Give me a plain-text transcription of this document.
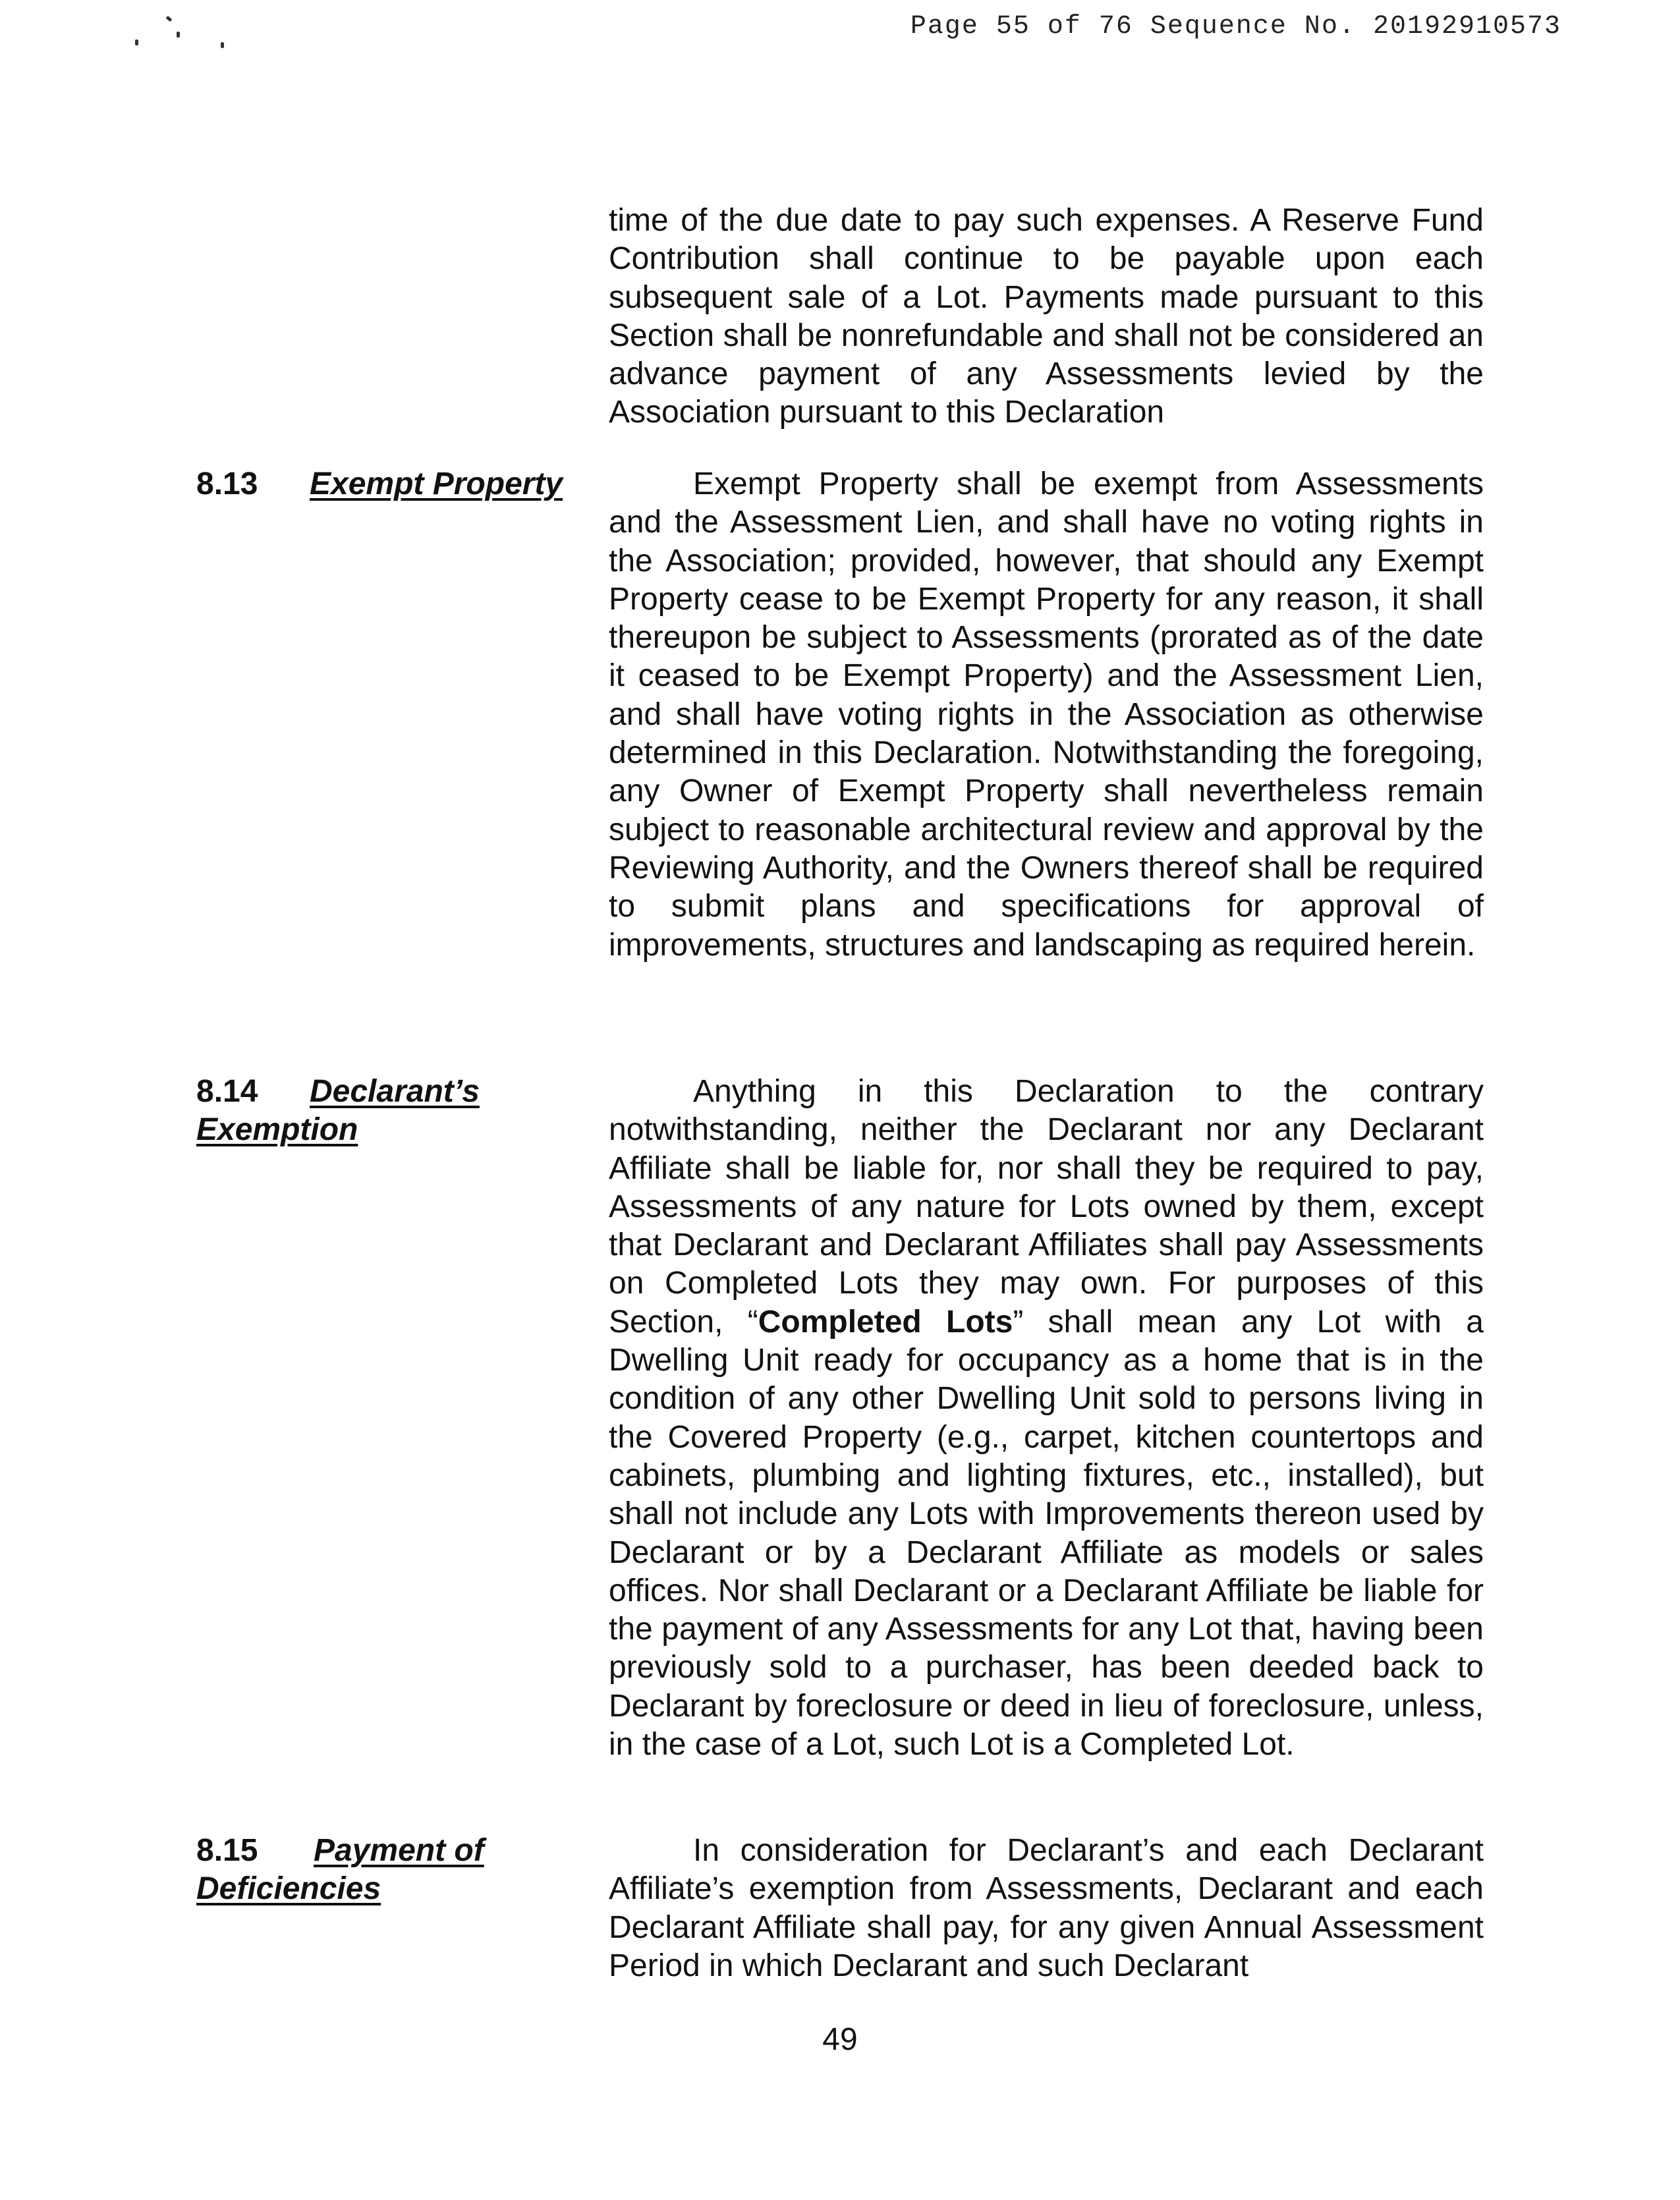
Page 55 of 76 Sequence No. 20192910573

time of the due date to pay such expenses. A Reserve Fund Contribution shall continue to be payable upon each subsequent sale of a Lot. Payments made pursuant to this Section shall be nonrefundable and shall not be considered an advance payment of any Assessments levied by the Association pursuant to this Declaration

8.13 Exempt Property	Exempt Property shall be exempt from Assessments and the Assessment Lien, and shall have no voting rights in the Association; provided, however, that should any Exempt Property cease to be Exempt Property for any reason, it shall thereupon be subject to Assessments (prorated as of the date it ceased to be Exempt Property) and the Assessment Lien, and shall have voting rights in the Association as otherwise determined in this Declaration. Notwithstanding the foregoing, any Owner of Exempt Property shall nevertheless remain subject to reasonable architectural review and approval by the Reviewing Authority, and the Owners thereof shall be required to submit plans and specifications for approval of improvements, structures and landscaping as required herein.

8.14 Declarant’s
Exemption

Anything in this Declaration to the contrary notwithstanding, neither the Declarant nor any Declarant Affiliate shall be liable for, nor shall they be required to pay, Assessments of any nature for Lots owned by them, except that Declarant and Declarant Affiliates shall pay Assessments on Completed Lots they may own. For purposes of this Section, “Completed Lots” shall mean any Lot with a Dwelling Unit ready for occupancy as a home that is in the condition of any other Dwelling Unit sold to persons living in the Covered Property (e.g., carpet, kitchen countertops and cabinets, plumbing and lighting fixtures, etc., installed), but shall not include any Lots with Improvements thereon used by Declarant or by a Declarant Affiliate as models or sales offices. Nor shall Declarant or a Declarant Affiliate be liable for the payment of any Assessments for any Lot that, having been previously sold to a purchaser, has been deeded back to Declarant by foreclosure or deed in lieu of foreclosure, unless, in the case of a Lot, such Lot is a Completed Lot.

8.15 Payment of
Deficiencies

In consideration for Declarant’s and each Declarant Affiliate’s exemption from Assessments, Declarant and each Declarant Affiliate shall pay, for any given Annual Assessment Period in which Declarant and such Declarant

49
